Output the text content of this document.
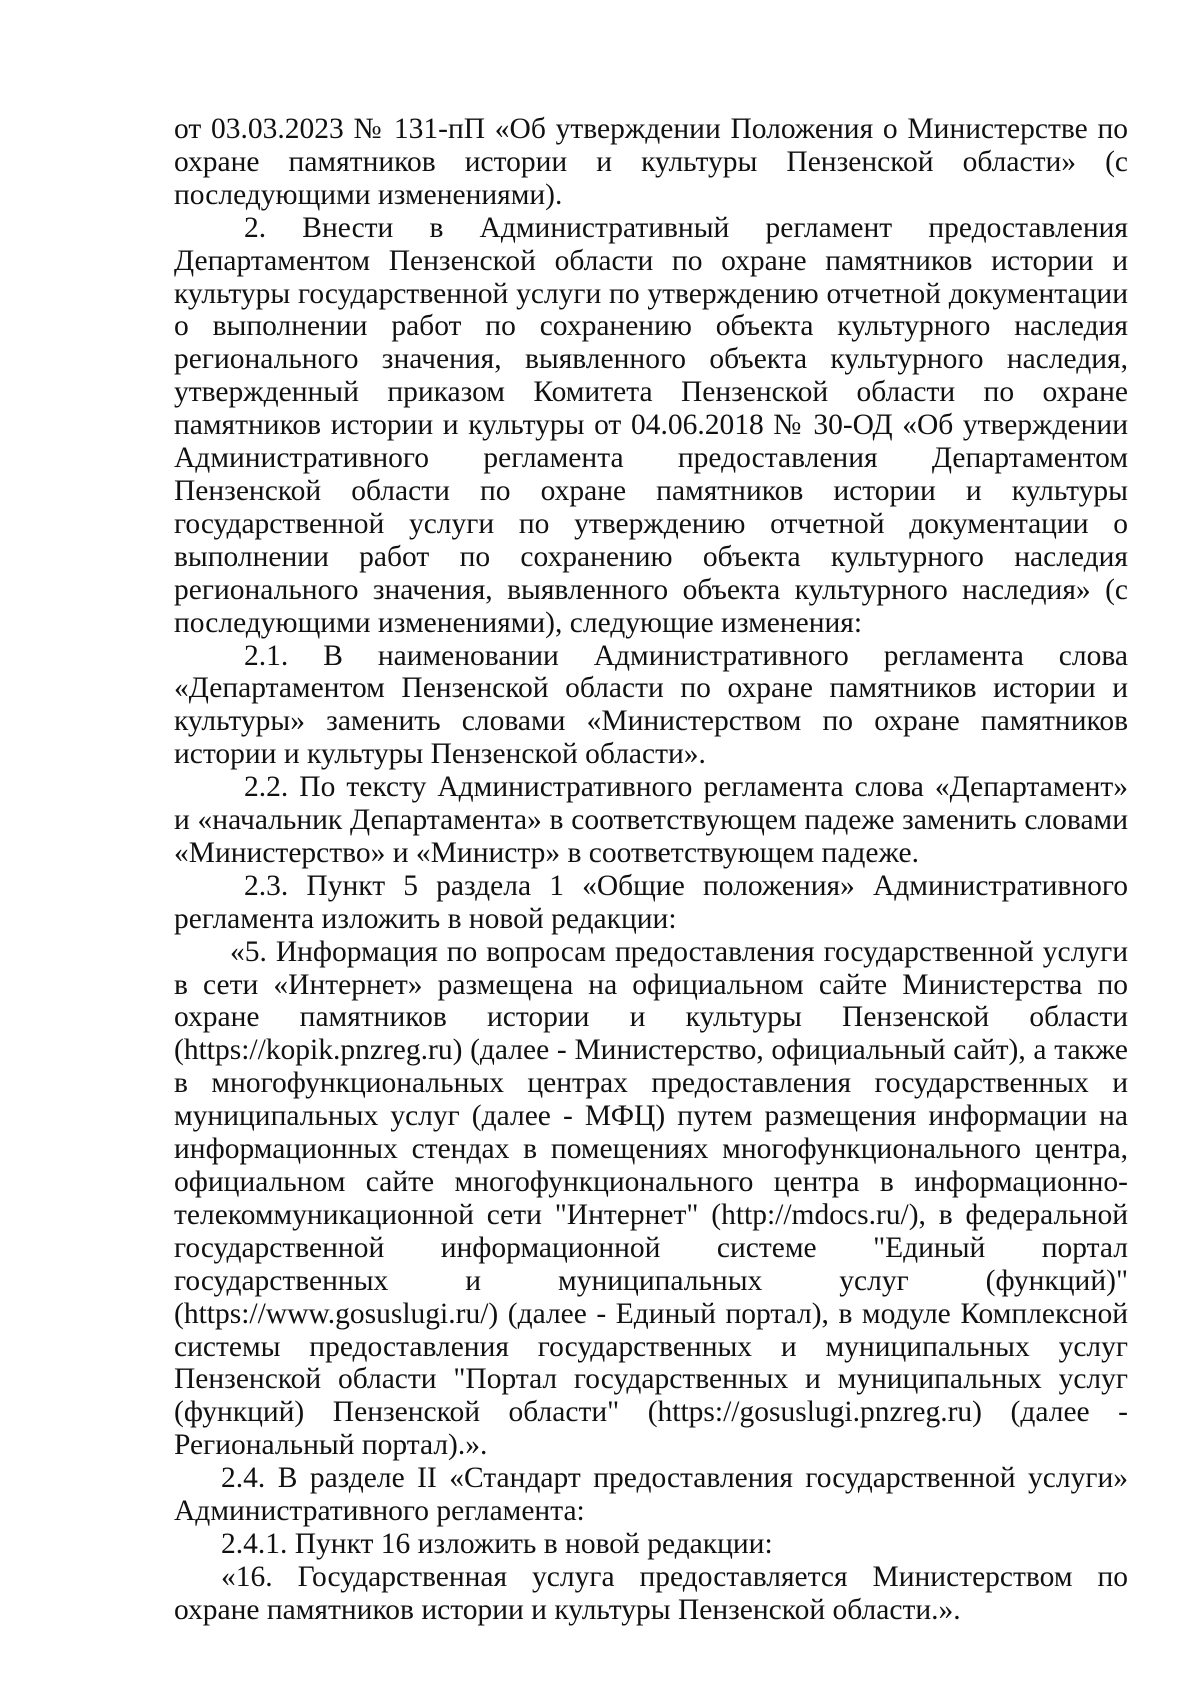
от 03.03.2023 № 131-пП «Об утверждении Положения о Министерстве по охране памятников истории и культуры Пензенской области» (с последующими изменениями).

2. Внести в Административный регламент предоставления Департаментом Пензенской области по охране памятников истории и культуры государственной услуги по утверждению отчетной документации о выполнении работ по сохранению объекта культурного наследия регионального значения, выявленного объекта культурного наследия, утвержденный приказом Комитета Пензенской области по охране памятников истории и культуры от 04.06.2018 № 30-ОД «Об утверждении Административного регламента предоставления Департаментом Пензенской области по охране памятников истории и культуры государственной услуги по утверждению отчетной документации о выполнении работ по сохранению объекта культурного наследия регионального значения, выявленного объекта культурного наследия» (с последующими изменениями), следующие изменения:

2.1. В наименовании Административного регламента слова «Департаментом Пензенской области по охране памятников истории и культуры» заменить словами «Министерством по охране памятников истории и культуры Пензенской области».

2.2. По тексту Административного регламента слова «Департамент» и «начальник Департамента» в соответствующем падеже заменить словами «Министерство» и «Министр» в соответствующем падеже.

2.3. Пункт 5 раздела 1 «Общие положения» Административного регламента изложить в новой редакции:

«5. Информация по вопросам предоставления государственной услуги в сети «Интернет» размещена на официальном сайте Министерства по охране памятников истории и культуры Пензенской области (https://kopik.pnzreg.ru) (далее - Министерство, официальный сайт), а также в многофункциональных центрах предоставления государственных и муниципальных услуг (далее - МФЦ) путем размещения информации на информационных стендах в помещениях многофункционального центра, официальном сайте многофункционального центра в информационно-телекоммуникационной сети "Интернет" (http://mdocs.ru/), в федеральной государственной информационной системе "Единый портал государственных и муниципальных услуг (функций)" (https://www.gosuslugi.ru/) (далее - Единый портал), в модуле Комплексной системы предоставления государственных и муниципальных услуг Пензенской области "Портал государственных и муниципальных услуг (функций) Пензенской области" (https://gosuslugi.pnzreg.ru) (далее - Региональный портал).».

2.4. В разделе II «Стандарт предоставления государственной услуги» Административного регламента:

2.4.1. Пункт 16 изложить в новой редакции:

«16. Государственная услуга предоставляется Министерством по охране памятников истории и культуры Пензенской области.».
